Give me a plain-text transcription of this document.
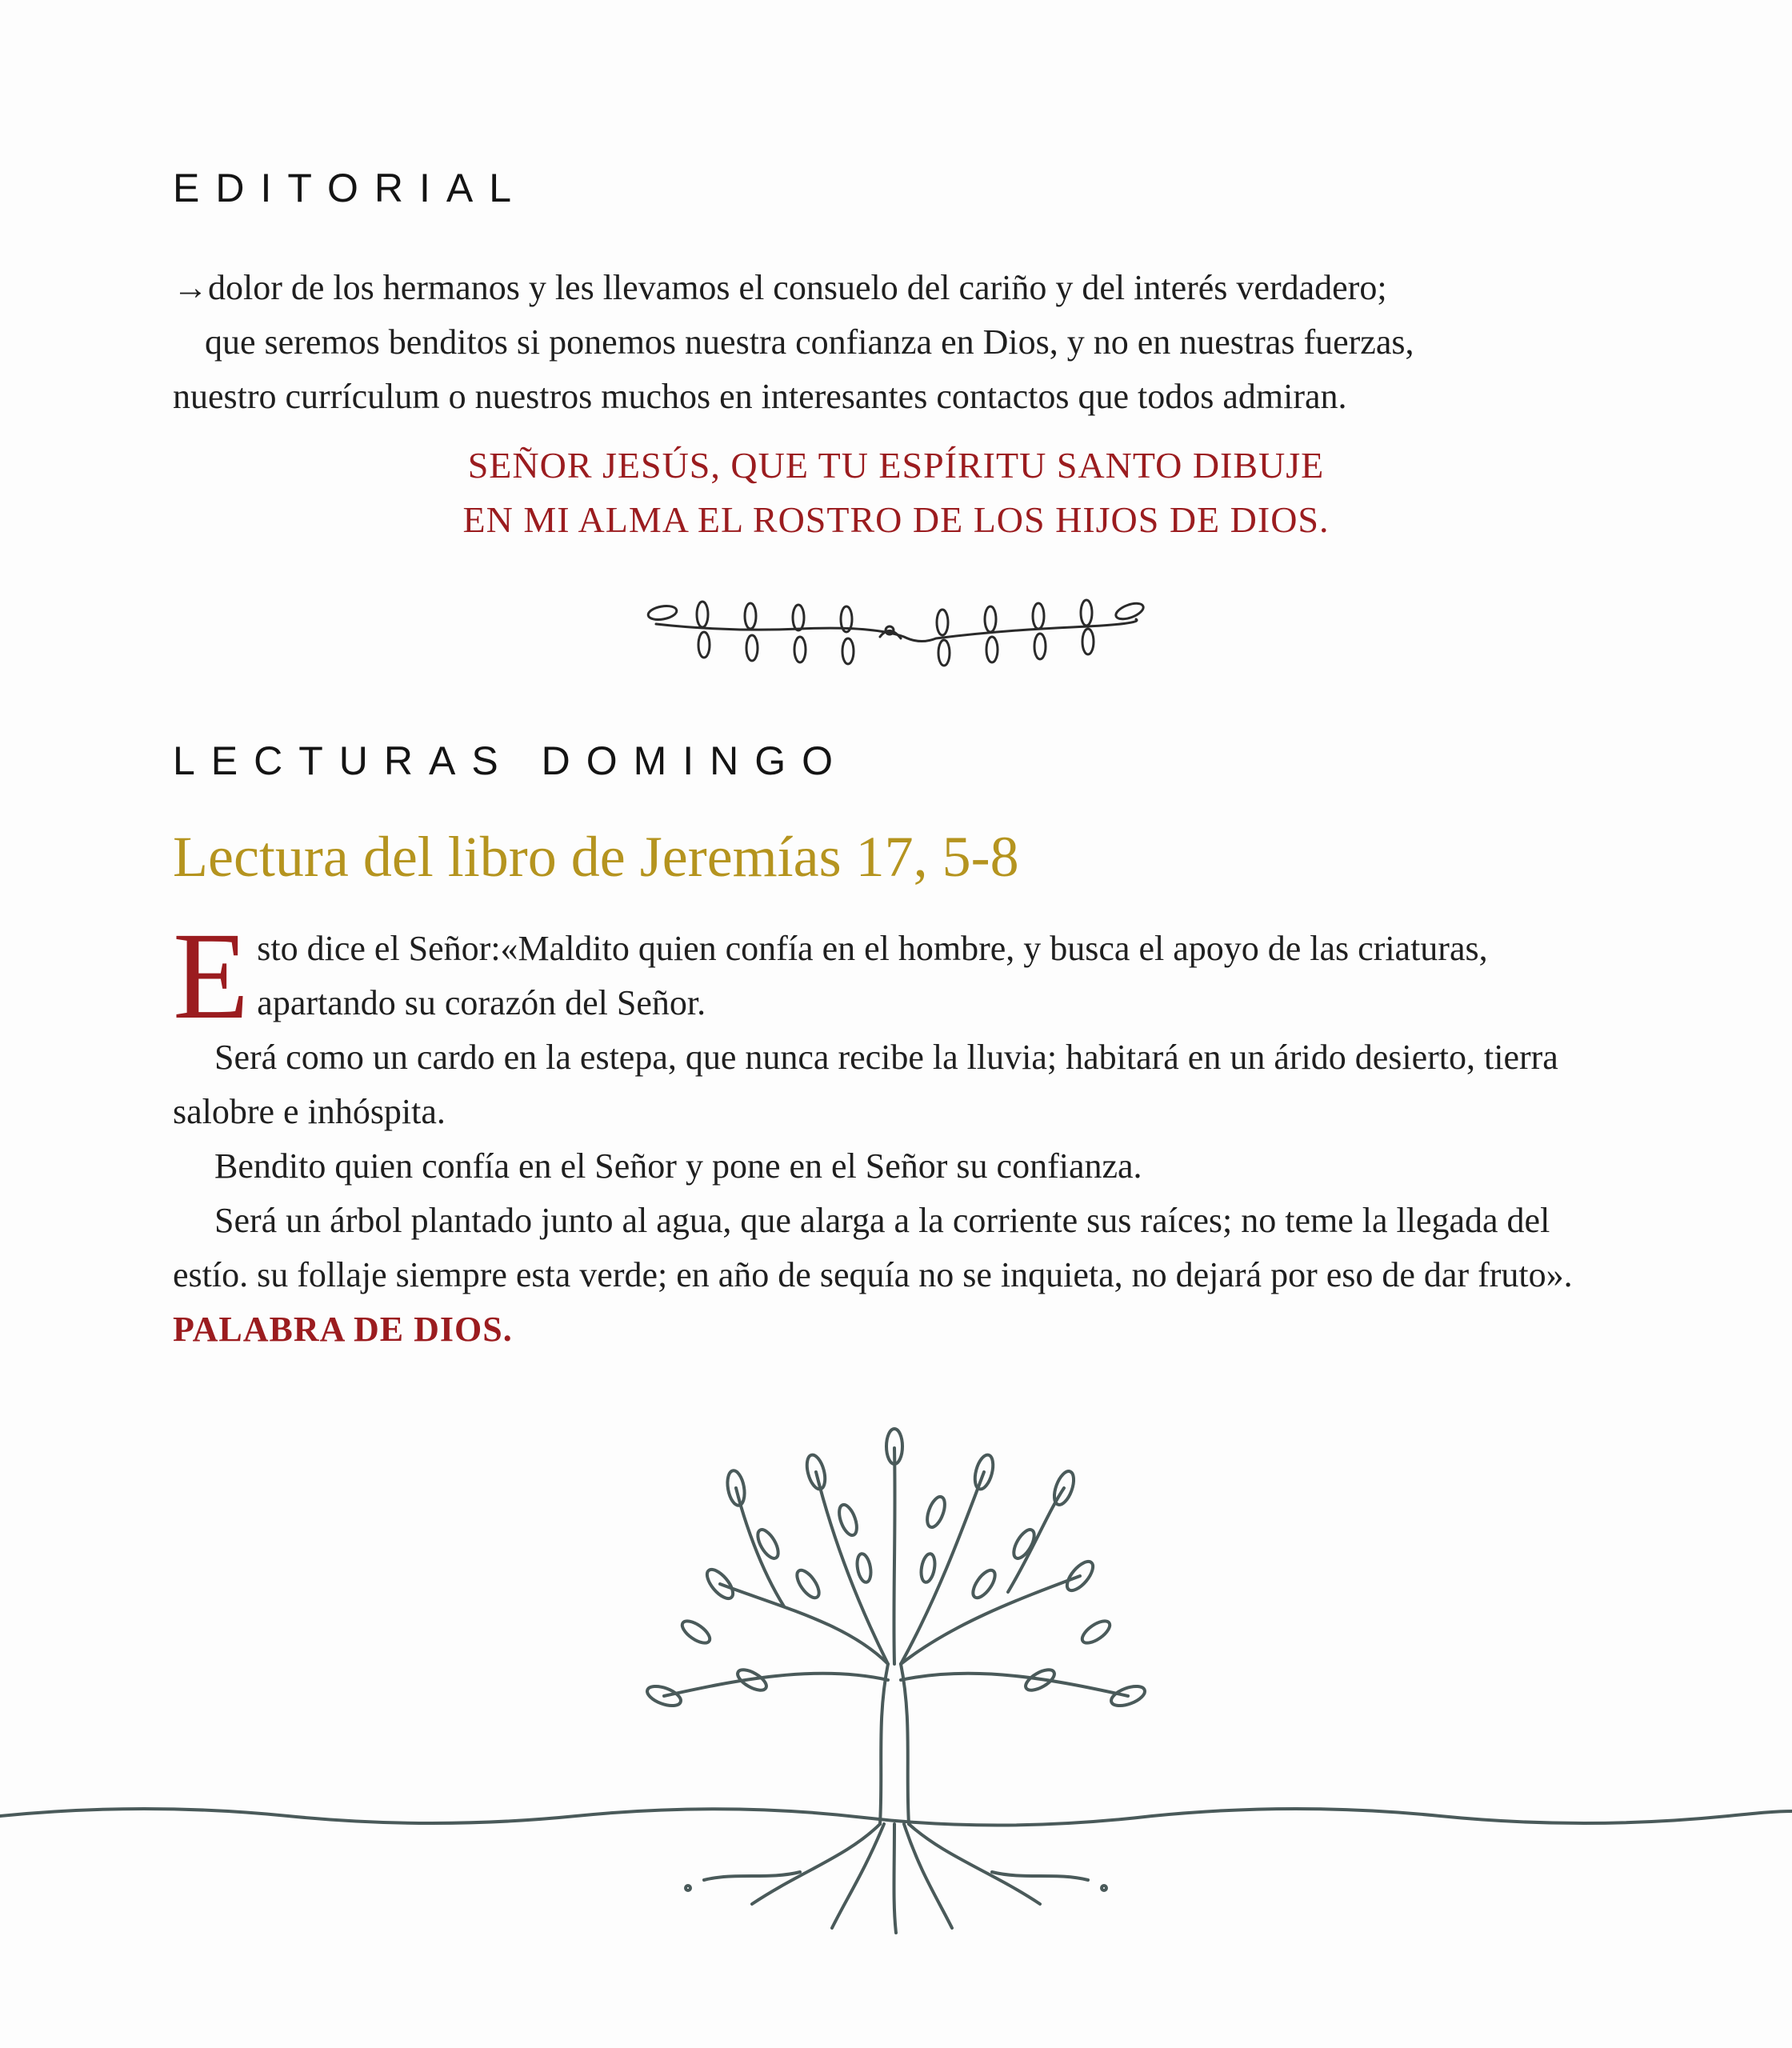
EDITORIAL

→dolor de los hermanos y les llevamos el consuelo del cariño y del interés verdadero;
que seremos benditos si ponemos nuestra confianza en Dios, y no en nuestras fuerzas,
nuestro currículum o nuestros muchos en interesantes contactos que todos admiran.

SEÑOR JESÚS, QUE TU ESPÍRITU SANTO DIBUJE
EN MI ALMA EL ROSTRO DE LOS HIJOS DE DIOS.
LECTURAS DOMINGO
Lectura del libro de Jeremías 17, 5-8
E sto dice el Señor:«Maldito quien confía en el hombre, y busca el apoyo de las criaturas, apartando su corazón del Señor.
Será como un cardo en la estepa, que nunca recibe la lluvia; habitará en un árido desierto, tierra salobre e inhóspita.
Bendito quien confía en el Señor y pone en el Señor su confianza.
Será un árbol plantado junto al agua, que alarga a la corriente sus raíces; no teme la llegada del estío. su follaje siempre esta verde; en año de sequía no se inquieta, no dejará por eso de dar fruto». PALABRA DE DIOS.
